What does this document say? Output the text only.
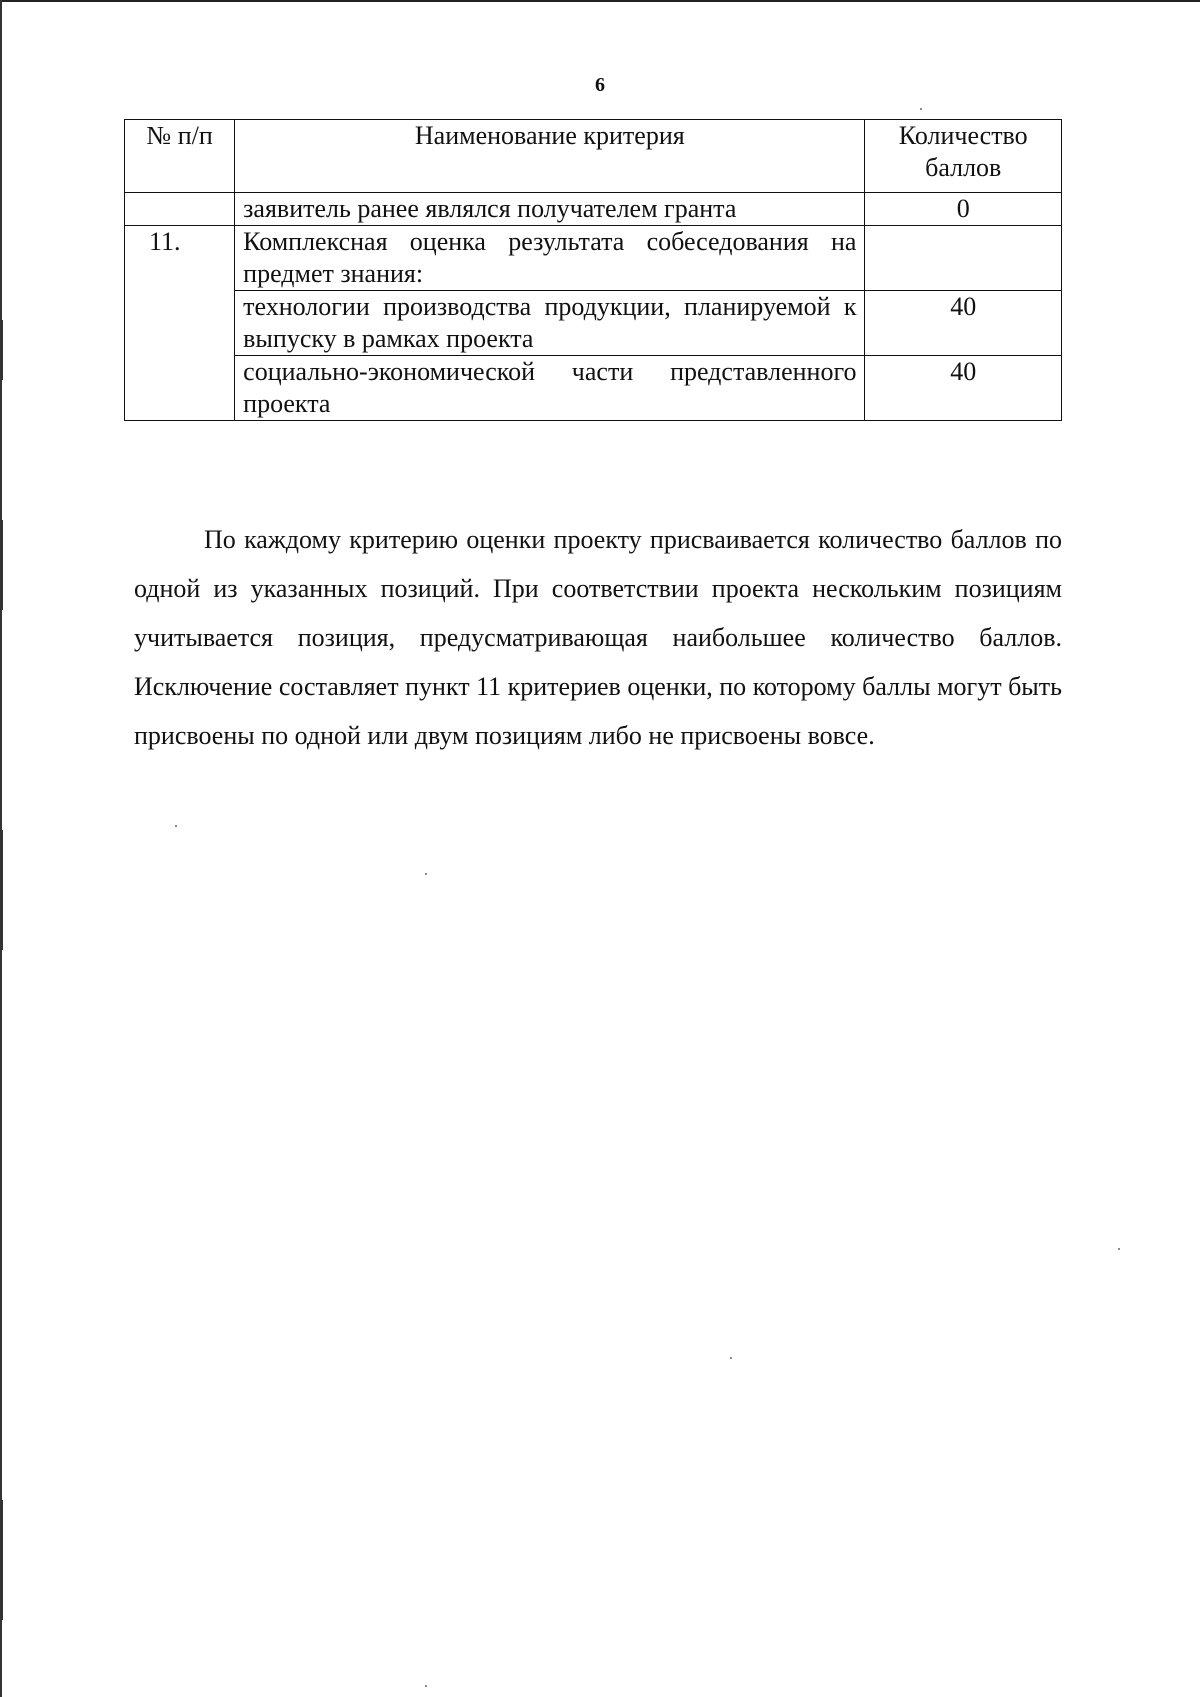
6
№ п/п	Наименование критерия	Количество баллов
	заявитель ранее являлся получателем гранта	0
11.	Комплексная оценка результата собеседования на предмет знания:	
	технологии производства продукции, планируемой к выпуску в рамках проекта	40
	социально-экономической части представленного проекта	40

По каждому критерию оценки проекту присваивается количество баллов по одной из указанных позиций. При соответствии проекта нескольким позициям учитывается позиция, предусматривающая наибольшее количество баллов. Исключение составляет пункт 11 критериев оценки, по которому баллы могут быть присвоены по одной или двум позициям либо не присвоены вовсе.
